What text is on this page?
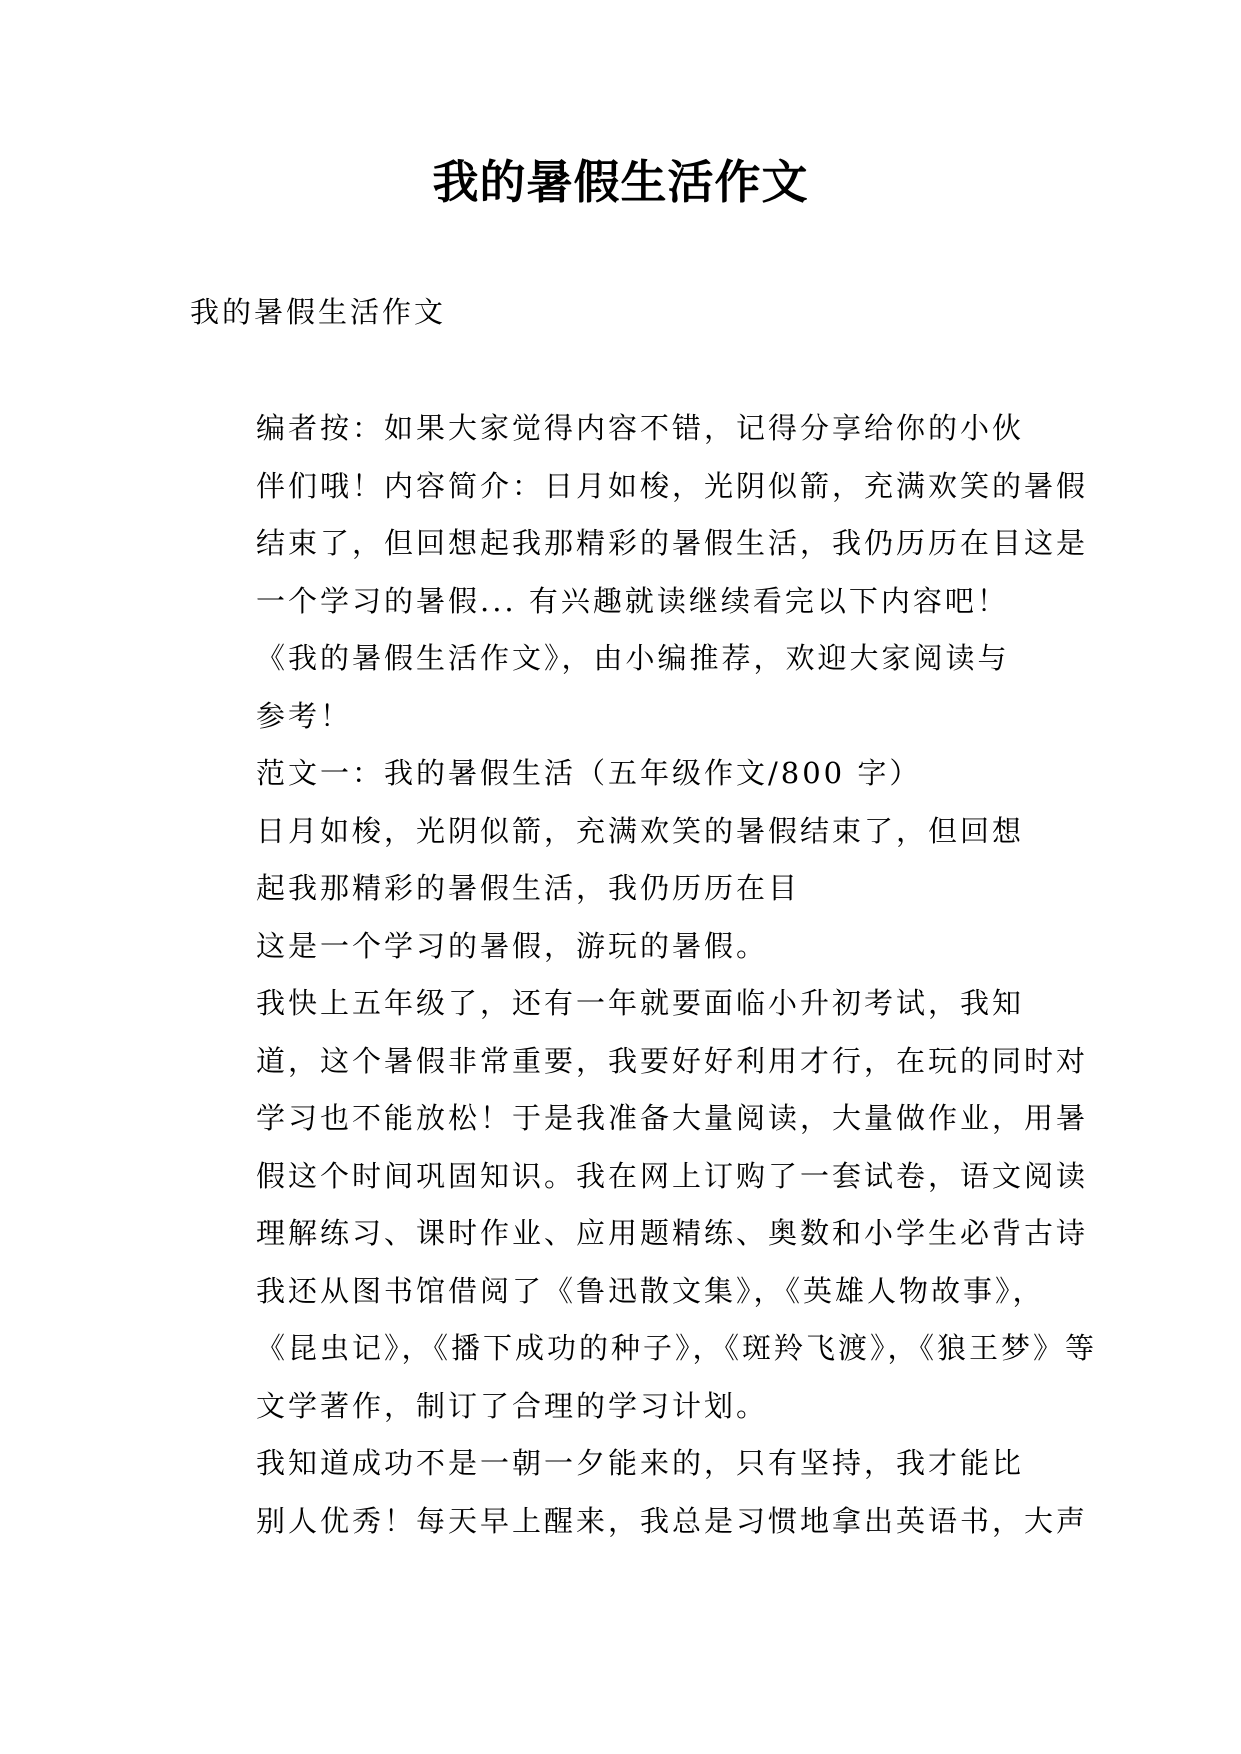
我的暑假生活作文

我的暑假生活作文

编者按：如果大家觉得内容不错，记得分享给你的小伙
伴们哦！内容简介：日月如梭，光阴似箭，充满欢笑的暑假
结束了，但回想起我那精彩的暑假生活，我仍历历在目这是
一个学习的暑假... 有兴趣就读继续看完以下内容吧！

《我的暑假生活作文》，由小编推荐，欢迎大家阅读与
参考！

范文一：我的暑假生活（五年级作文/800 字）

日月如梭，光阴似箭，充满欢笑的暑假结束了，但回想
起我那精彩的暑假生活，我仍历历在目

这是一个学习的暑假，游玩的暑假。

我快上五年级了，还有一年就要面临小升初考试，我知
道，这个暑假非常重要，我要好好利用才行，在玩的同时对
学习也不能放松！于是我准备大量阅读，大量做作业，用暑
假这个时间巩固知识。我在网上订购了一套试卷，语文阅读
理解练习、课时作业、应用题精练、奥数和小学生必背古诗

我还从图书馆借阅了《鲁迅散文集》，《英雄人物故事》，
《昆虫记》，《播下成功的种子》，《斑羚飞渡》，《狼王梦》等
文学著作，制订了合理的学习计划。

我知道成功不是一朝一夕能来的，只有坚持，我才能比
别人优秀！每天早上醒来，我总是习惯地拿出英语书，大声
